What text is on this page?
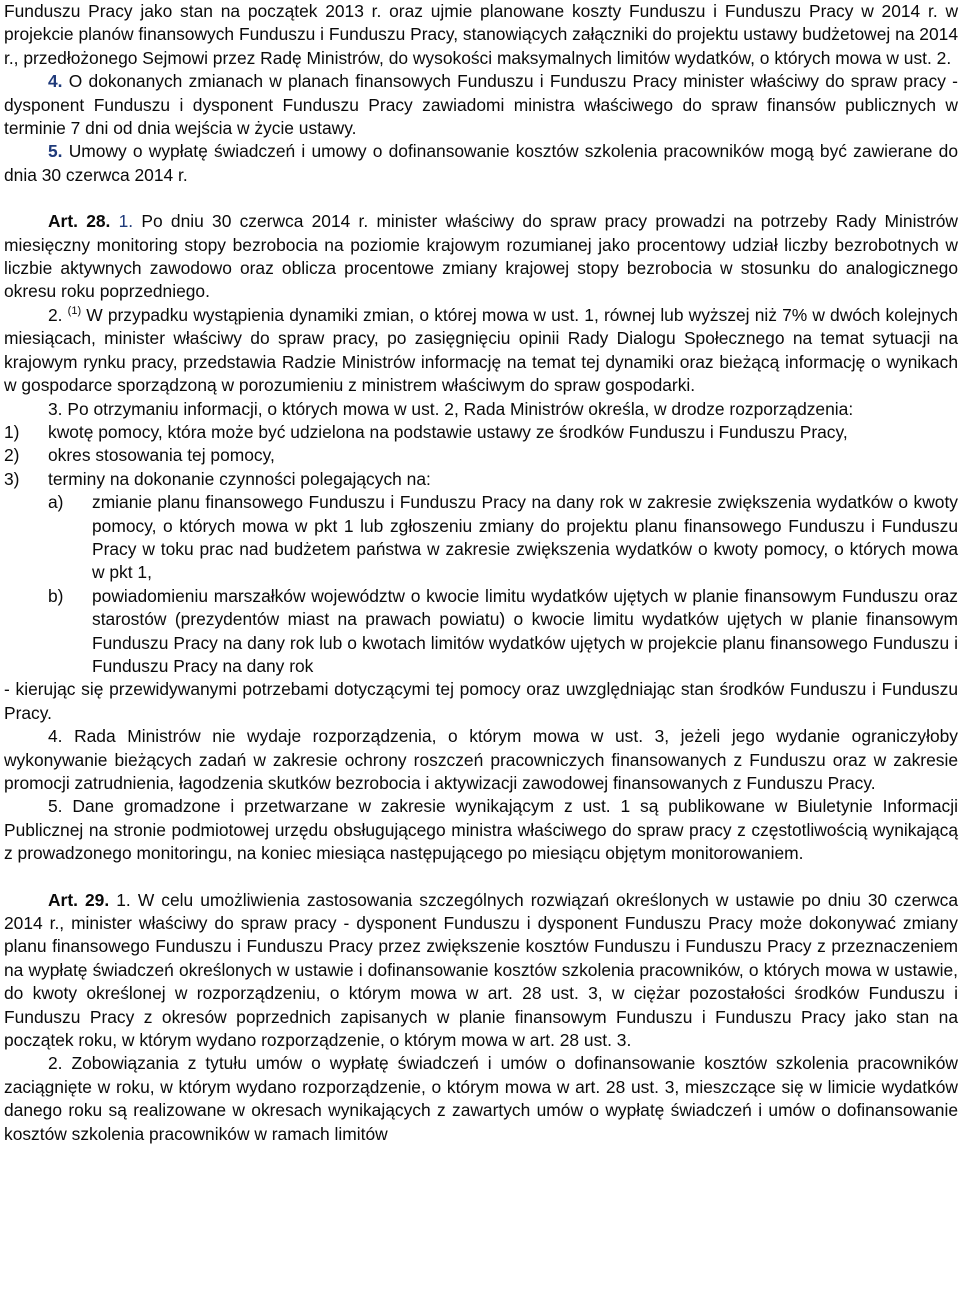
Funduszu Pracy jako stan na początek 2013 r. oraz ujmie planowane koszty Funduszu i Funduszu Pracy w 2014 r. w projekcie planów finansowych Funduszu i Funduszu Pracy, stanowiących załączniki do projektu ustawy budżetowej na 2014 r., przedłożonego Sejmowi przez Radę Ministrów, do wysokości maksymalnych limitów wydatków, o których mowa w ust. 2.

4. O dokonanych zmianach w planach finansowych Funduszu i Funduszu Pracy minister właściwy do spraw pracy - dysponent Funduszu i dysponent Funduszu Pracy zawiadomi ministra właściwego do spraw finansów publicznych w terminie 7 dni od dnia wejścia w życie ustawy.

5. Umowy o wypłatę świadczeń i umowy o dofinansowanie kosztów szkolenia pracowników mogą być zawierane do dnia 30 czerwca 2014 r.

Art. 28. 1. Po dniu 30 czerwca 2014 r. minister właściwy do spraw pracy prowadzi na potrzeby Rady Ministrów miesięczny monitoring stopy bezrobocia na poziomie krajowym rozumianej jako procentowy udział liczby bezrobotnych w liczbie aktywnych zawodowo oraz oblicza procentowe zmiany krajowej stopy bezrobocia w stosunku do analogicznego okresu roku poprzedniego.

2. $^{(1)}$ W przypadku wystąpienia dynamiki zmian, o której mowa w ust. 1, równej lub wyższej niż 7% w dwóch kolejnych miesiącach, minister właściwy do spraw pracy, po zasięgnięciu opinii Rady Dialogu Społecznego na temat sytuacji na krajowym rynku pracy, przedstawia Radzie Ministrów informację na temat tej dynamiki oraz bieżącą informację o wynikach w gospodarce sporządzoną w porozumieniu z ministrem właściwym do spraw gospodarki.

3. Po otrzymaniu informacji, o których mowa w ust. 2, Rada Ministrów określa, w drodze rozporządzenia:

1)	kwotę pomocy, która może być udzielona na podstawie ustawy ze środków Funduszu i Funduszu Pracy,
2)	okres stosowania tej pomocy,
3)	terminy na dokonanie czynności polegających na:
a)	zmianie planu finansowego Funduszu i Funduszu Pracy na dany rok w zakresie zwiększenia wydatków o kwoty pomocy, o których mowa w pkt 1 lub zgłoszeniu zmiany do projektu planu finansowego Funduszu i Funduszu Pracy w toku prac nad budżetem państwa w zakresie zwiększenia wydatków o kwoty pomocy, o których mowa w pkt 1,
b)	powiadomieniu marszałków województw o kwocie limitu wydatków ujętych w planie finansowym Funduszu oraz starostów (prezydentów miast na prawach powiatu) o kwocie limitu wydatków ujętych w planie finansowym Funduszu Pracy na dany rok lub o kwotach limitów wydatków ujętych w projekcie planu finansowego Funduszu i Funduszu Pracy na dany rok

- kierując się przewidywanymi potrzebami dotyczącymi tej pomocy oraz uwzględniając stan środków Funduszu i Funduszu Pracy.

4. Rada Ministrów nie wydaje rozporządzenia, o którym mowa w ust. 3, jeżeli jego wydanie ograniczyłoby wykonywanie bieżących zadań w zakresie ochrony roszczeń pracowniczych finansowanych z Funduszu oraz w zakresie promocji zatrudnienia, łagodzenia skutków bezrobocia i aktywizacji zawodowej finansowanych z Funduszu Pracy.

5. Dane gromadzone i przetwarzane w zakresie wynikającym z ust. 1 są publikowane w Biuletynie Informacji Publicznej na stronie podmiotowej urzędu obsługującego ministra właściwego do spraw pracy z częstotliwością wynikającą z prowadzonego monitoringu, na koniec miesiąca następującego po miesiącu objętym monitorowaniem.

Art. 29. 1. W celu umożliwienia zastosowania szczególnych rozwiązań określonych w ustawie po dniu 30 czerwca 2014 r., minister właściwy do spraw pracy - dysponent Funduszu i dysponent Funduszu Pracy może dokonywać zmiany planu finansowego Funduszu i Funduszu Pracy przez zwiększenie kosztów Funduszu i Funduszu Pracy z przeznaczeniem na wypłatę świadczeń określonych w ustawie i dofinansowanie kosztów szkolenia pracowników, o których mowa w ustawie, do kwoty określonej w rozporządzeniu, o którym mowa w art. 28 ust. 3, w ciężar pozostałości środków Funduszu i Funduszu Pracy z okresów poprzednich zapisanych w planie finansowym Funduszu i Funduszu Pracy jako stan na początek roku, w którym wydano rozporządzenie, o którym mowa w art. 28 ust. 3.

2. Zobowiązania z tytułu umów o wypłatę świadczeń i umów o dofinansowanie kosztów szkolenia pracowników zaciągnięte w roku, w którym wydano rozporządzenie, o którym mowa w art. 28 ust. 3, mieszczące się w limicie wydatków danego roku są realizowane w okresach wynikających z zawartych umów o wypłatę świadczeń i umów o dofinansowanie kosztów szkolenia pracowników w ramach limitów
